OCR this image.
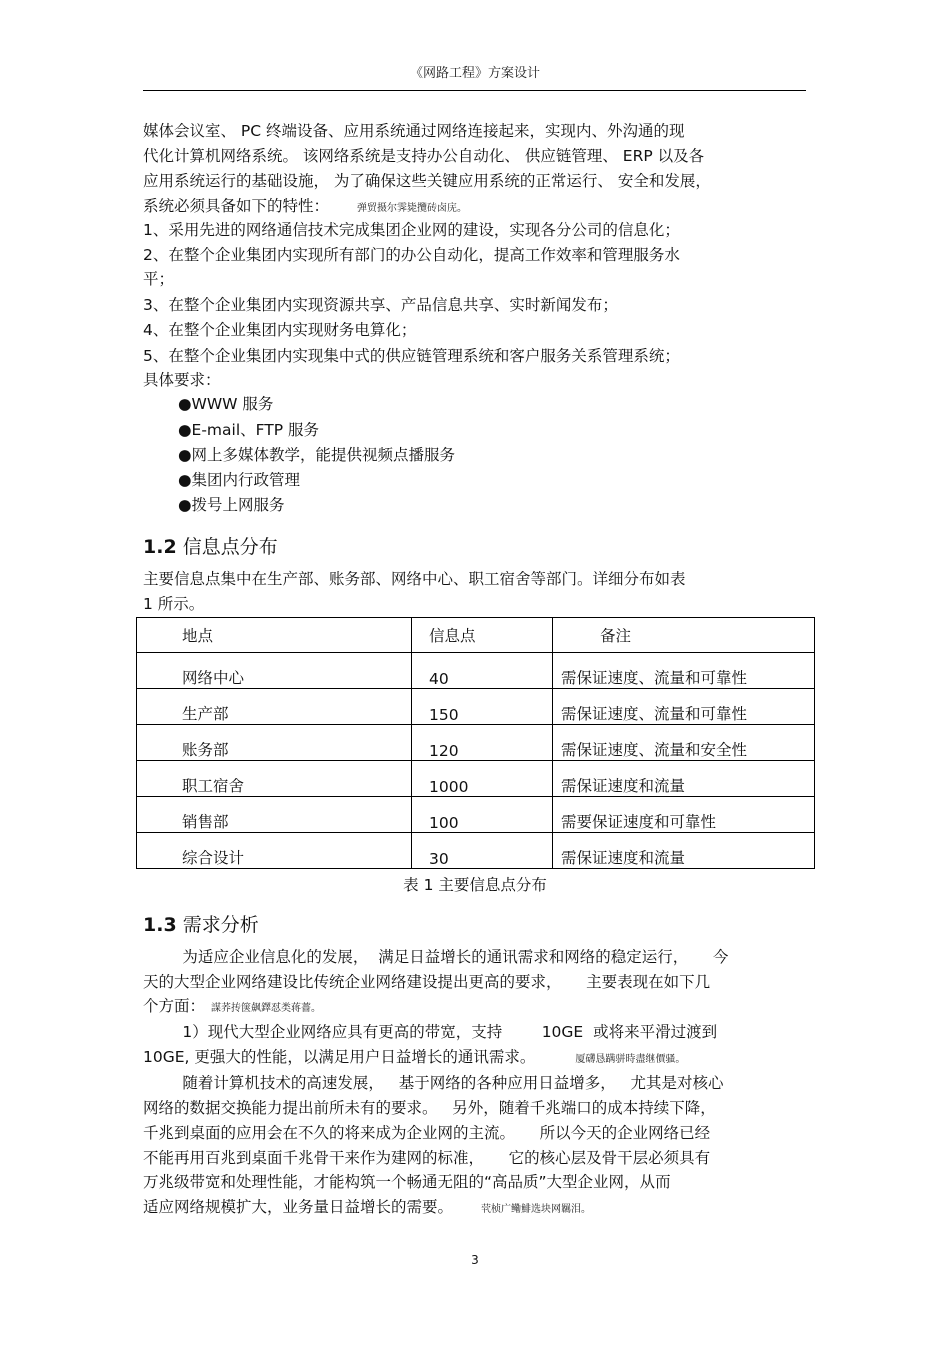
《网路工程》方案设计
媒体会议室、 PC 终端设备、应用系统通过网络连接起来，实现内、外沟通的现
代化计算机网络系统。 该网络系统是支持办公自动化、 供应链管理、 ERP 以及各
应用系统运行的基础设施， 为了确保这些关键应用系统的正常运行、 安全和发展，
系统必须具备如下的特性：	弹贸摄尔霁毙攬砖卤庑。
1、采用先进的网络通信技术完成集团企业网的建设，实现各分公司的信息化；
2、在整个企业集团内实现所有部门的办公自动化，提高工作效率和管理服务水
平；
3、在整个企业集团内实现资源共享、产品信息共享、实时新闻发布；
4、在整个企业集团内实现财务电算化；
5、在整个企业集团内实现集中式的供应链管理系统和客户服务关系管理系统；
具体要求：
●WWW 服务
●E-mail、FTP 服务
●网上多媒体教学，能提供视频点播服务
●集团内行政管理
●拨号上网服务
1.2 信息点分布
主要信息点集中在生产部、账务部、网络中心、职工宿舍等部门。详细分布如表
1 所示。
地点	信息点	备注
网络中心	40	需保证速度、流量和可靠性
生产部	150	需保证速度、流量和可靠性
账务部	120	需保证速度、流量和安全性
职工宿舍	1000	需保证速度和流量
销售部	100	需要保证速度和可靠性
综合设计	30	需保证速度和流量
表 1 主要信息点分布
1.3 需求分析
为适应企业信息化的发展，  满足日益增长的通讯需求和网络的稳定运行，     今
天的大型企业网络建设比传统企业网络建设提出更高的要求，     主要表现在如下几
个方面： 謀荞抟箧飙鐸怼类蒋薔。
1）现代大型企业网络应具有更高的带宽，支持        10GE  或将来平滑过渡到
10GE, 更强大的性能，以满足用户日益增长的通讯需求。	厦礴恳蹒骈時盡继價骚。
随着计算机技术的高速发展，   基于网络的各种应用日益增多，   尤其是对核心
网络的数据交换能力提出前所未有的要求。   另外，随着千兆端口的成本持续下降，
千兆到桌面的应用会在不久的将来成为企业网的主流。     所以今天的企业网络已经
不能再用百兆到桌面千兆骨干来作为建网的标准，     它的核心层及骨干层必须具有
万兆级带宽和处理性能，才能构筑一个畅通无阻的“高品质”大型企业网，从而
适应网络规模扩大，业务量日益增长的需要。	茕桢广鳓鯡选块网羈泪。
3
